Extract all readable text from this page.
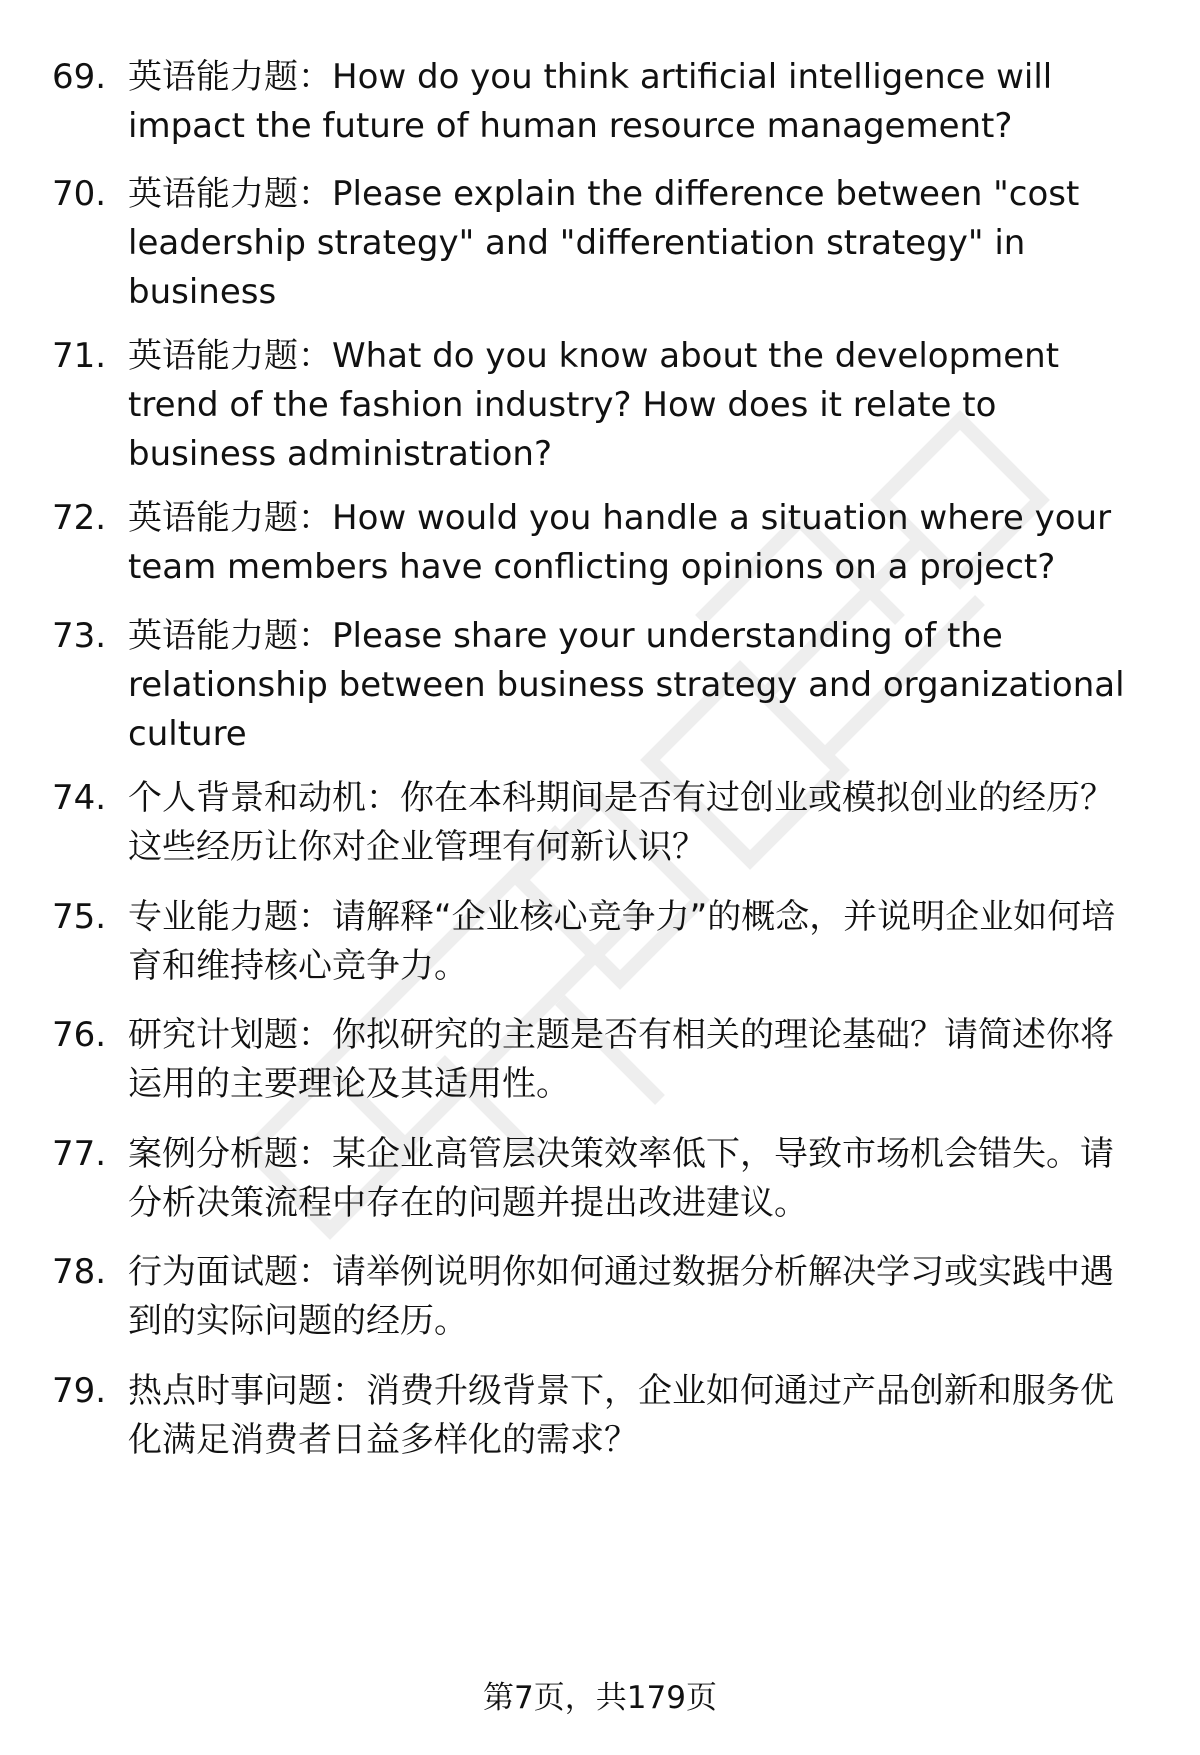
69. 英语能力题：How do you think artificial intelligence will impact the future of human resource management?
70. 英语能力题：Please explain the difference between "cost leadership strategy" and "differentiation strategy" in business
71. 英语能力题：What do you know about the development trend of the fashion industry? How does it relate to business administration?
72. 英语能力题：How would you handle a situation where your team members have conflicting opinions on a project?
73. 英语能力题：Please share your understanding of the relationship between business strategy and organizational culture
74. 个人背景和动机：你在本科期间是否有过创业或模拟创业的经历？这些经历让你对企业管理有何新认识？
75. 专业能力题：请解释“企业核心竞争力”的概念，并说明企业如何培育和维持核心竞争力。
76. 研究计划题：你拟研究的主题是否有相关的理论基础？请简述你将运用的主要理论及其适用性。
77. 案例分析题：某企业高管层决策效率低下，导致市场机会错失。请分析决策流程中存在的问题并提出改进建议。
78. 行为面试题：请举例说明你如何通过数据分析解决学习或实践中遇到的实际问题的经历。
79. 热点时事问题：消费升级背景下，企业如何通过产品创新和服务优化满足消费者日益多样化的需求？
第7页，共179页
